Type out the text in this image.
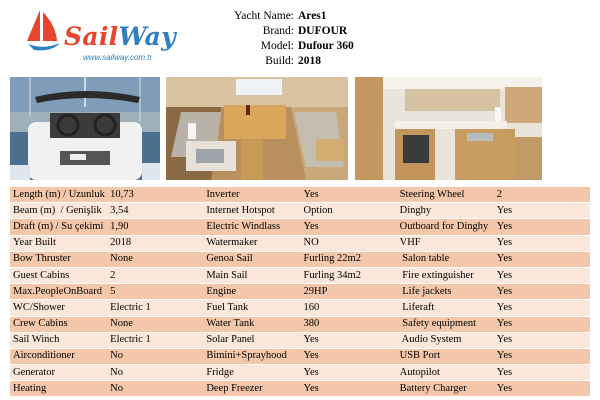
SailWay
www.sailway.com.tr
Yacht Name: Ares1
Brand: DUFOUR
Model: Dufour 360
Build: 2018
Length (m) / Uzunluk	10,73	Inverter	Yes	Steering Wheel	2
Beam (m)  / Genişlik	3,54	Internet Hotspot	Option	Dinghy	Yes
Draft (m) / Su çekimi	1,90	Electric Windlass	Yes	Outboard for Dinghy	Yes
Year Built	2018	Watermaker	NO	VHF	Yes
Bow Thruster	None	Genoa Sail	Furling 22m2	Salon table	Yes
Guest Cabins	2	Main Sail	Furling 34m2	Fire extinguisher	Yes
Max.PeopleOnBoard	5	Engine	29HP	Life jackets	Yes
WC/Shower	Electric 1	Fuel Tank	160	Liferaft	Yes
Crew Cabins	None	Water Tank	380	Safety equipment	Yes
Sail Winch	Electric 1	Solar Panel	Yes	Audio System	Yes
Airconditioner	No	Bimini+Sprayhood	Yes	USB Port	Yes
Generator	No	Fridge	Yes	Autopilot	Yes
Heating	No	Deep Freezer	Yes	Battery Charger	Yes
